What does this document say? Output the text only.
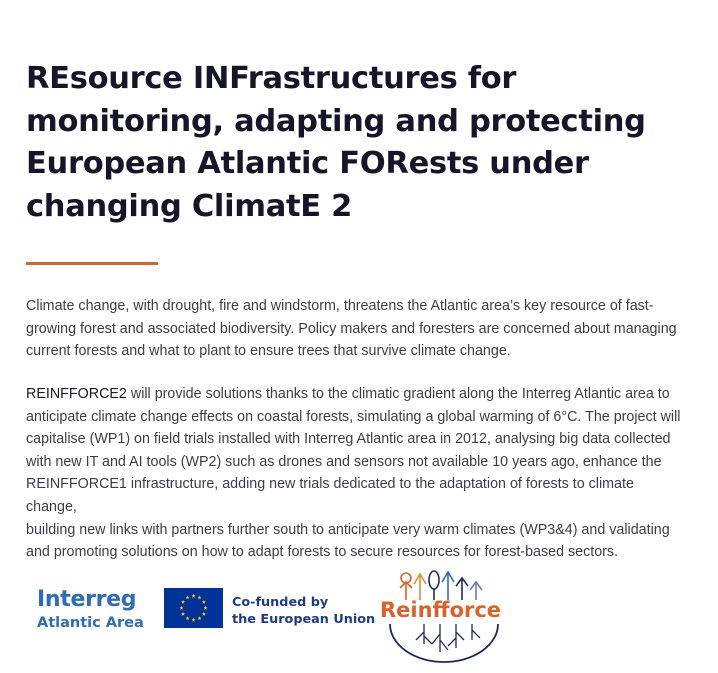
REsource INFrastructures for
monitoring, adapting and protecting
European Atlantic FORests under
changing ClimatE 2

Climate change, with drought, fire and windstorm, threatens the Atlantic area’s key resource of fast-
growing forest and associated biodiversity. Policy makers and foresters are concerned about managing
current forests and what to plant to ensure trees that survive climate change.

REINFFORCE2 will provide solutions thanks to the climatic gradient along the Interreg Atlantic area to
anticipate climate change effects on coastal forests, simulating a global warming of 6°C. The project will
capitalise (WP1) on field trials installed with Interreg Atlantic area in 2012, analysing big data collected
with new IT and AI tools (WP2) such as drones and sensors not available 10 years ago, enhance the
REINFFORCE1 infrastructure, adding new trials dedicated to the adaptation of forests to climate change,
building new links with partners further south to anticipate very warm climates (WP3&4) and validating
and promoting solutions on how to adapt forests to secure resources for forest-based sectors.

Interreg
Atlantic Area
Co-funded by
the European Union Reinfforce
